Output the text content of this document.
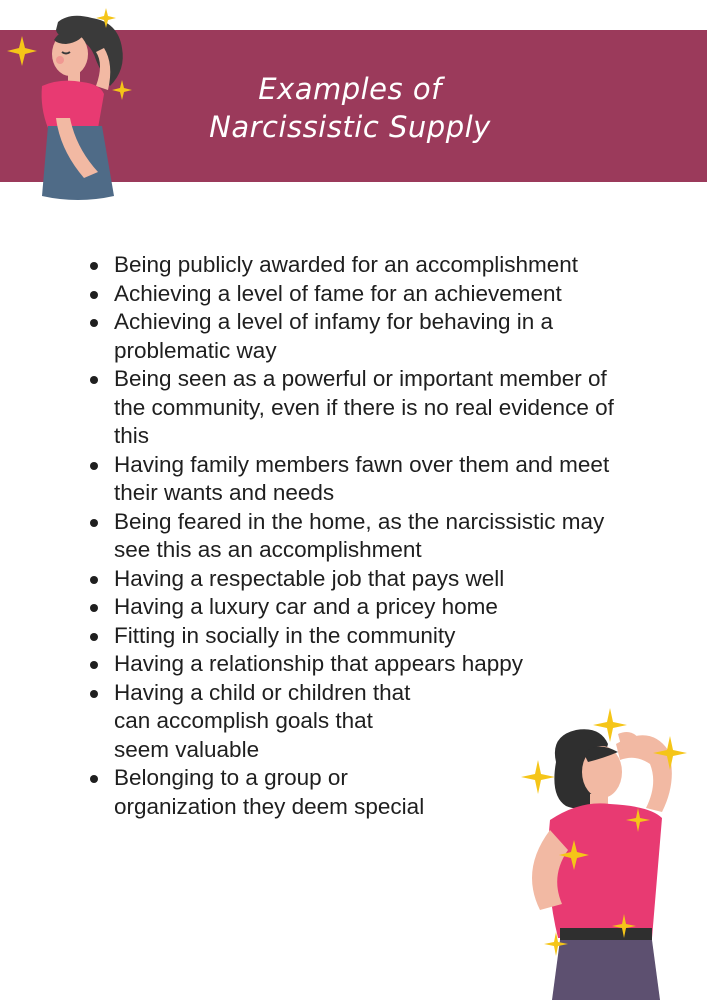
Examples of
Narcissistic Supply
Being publicly awarded for an accomplishment
Achieving a level of fame for an achievement
Achieving a level of infamy for behaving in a problematic way
Being seen as a powerful or important member of the community, even if there is no real evidence of this
Having family members fawn over them and meet their wants and needs
Being feared in the home, as the narcissistic may see this as an accomplishment
Having a respectable job that pays well
Having a luxury car and a pricey home
Fitting in socially in the community
Having a relationship that appears happy
Having a child or children that can accomplish goals that seem valuable
Belonging to a group or organization they deem special
